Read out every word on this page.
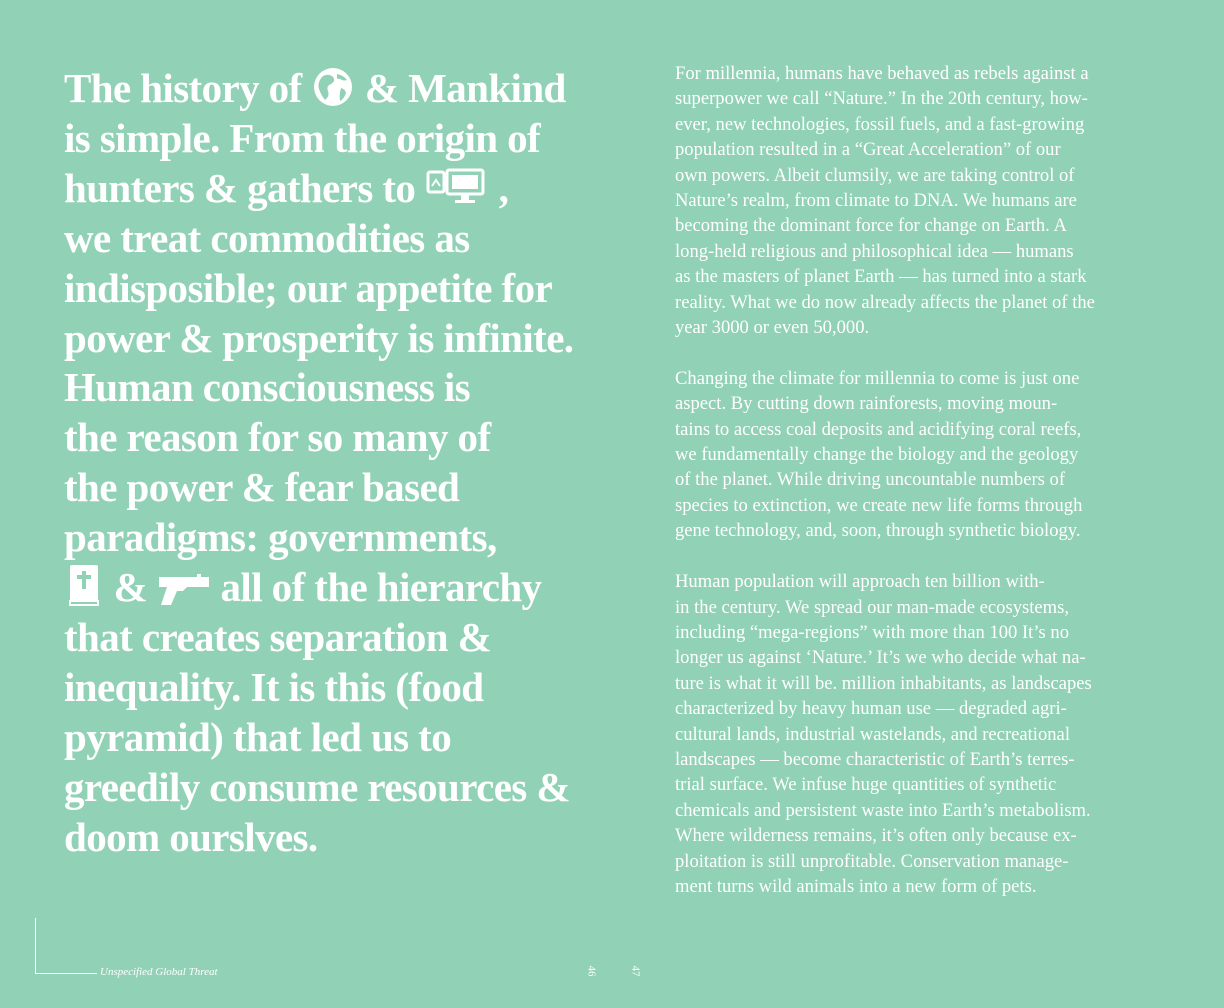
The history of & Mankind
is simple. From the origin of
hunters & gathers to ,
we treat commodities as
indisposible; our appetite for
power & prosperity is infinite.
Human consciousness is
the reason for so many of
the power & fear based
paradigms: governments,
& all of the hierarchy
that creates separation &
inequality. It is this (food
pyramid) that led us to
greedily consume resources &
doom ourslves.

For millennia, humans have behaved as rebels against a
superpower we call “Nature.” In the 20th century, how-
ever, new technologies, fossil fuels, and a fast-growing
population resulted in a “Great Acceleration” of our
own powers. Albeit clumsily, we are taking control of
Nature’s realm, from climate to DNA. We humans are
becoming the dominant force for change on Earth. A
long-held religious and philosophical idea — humans
as the masters of planet Earth — has turned into a stark
reality. What we do now already affects the planet of the
year 3000 or even 50,000.

Changing the climate for millennia to come is just one
aspect. By cutting down rainforests, moving moun-
tains to access coal deposits and acidifying coral reefs,
we fundamentally change the biology and the geology
of the planet. While driving uncountable numbers of
species to extinction, we create new life forms through
gene technology, and, soon, through synthetic biology.

Human population will approach ten billion with-
in the century. We spread our man-made ecosystems,
including “mega-regions” with more than 100 It’s no
longer us against ‘Nature.’ It’s we who decide what na-
ture is what it will be. million inhabitants, as landscapes
characterized by heavy human use — degraded agri-
cultural lands, industrial wastelands, and recreational
landscapes — become characteristic of Earth’s terres-
trial surface. We infuse huge quantities of synthetic
chemicals and persistent waste into Earth’s metabolism.
Where wilderness remains, it’s often only because ex-
ploitation is still unprofitable. Conservation manage-
ment turns wild animals into a new form of pets.

Unspecified Global Threat	46	47
